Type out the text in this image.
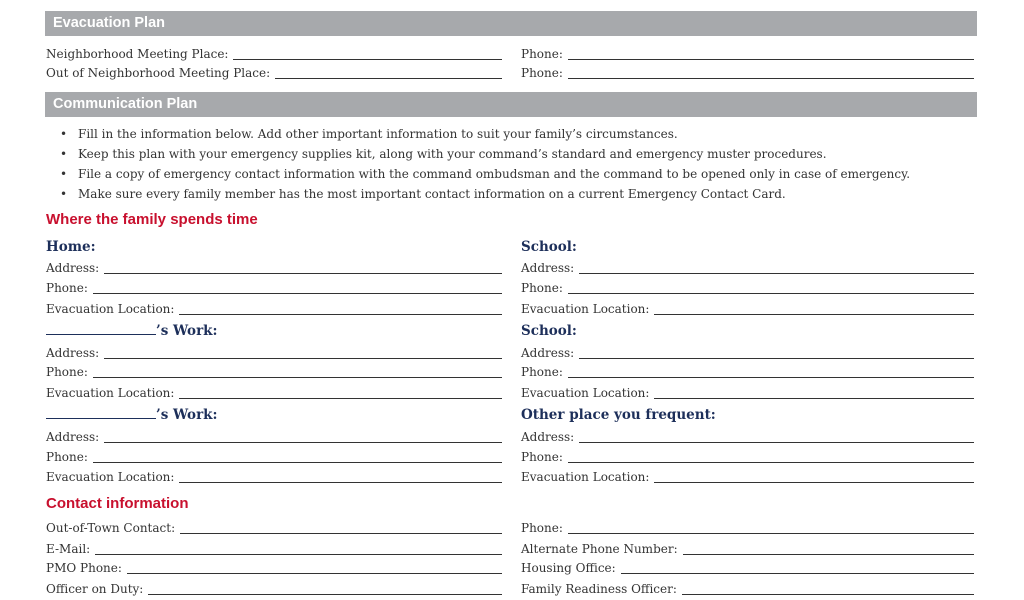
Evacuation Plan
Neighborhood Meeting Place:	Phone:
Out of Neighborhood Meeting Place:	Phone:
Communication Plan
• Fill in the information below. Add other important information to suit your family’s circumstances.
• Keep this plan with your emergency supplies kit, along with your command’s standard and emergency muster procedures.
• File a copy of emergency contact information with the command ombudsman and the command to be opened only in case of emergency.
• Make sure every family member has the most important contact information on a current Emergency Contact Card.
Where the family spends time
Home:	School:
Address:	Address:
Phone:	Phone:
Evacuation Location:	Evacuation Location:
’s Work:	School:
Address:	Address:
Phone:	Phone:
Evacuation Location:	Evacuation Location:
’s Work:	Other place you frequent:
Address:	Address:
Phone:	Phone:
Evacuation Location:	Evacuation Location:
Contact information
Out-of-Town Contact:	Phone:
E-Mail:	Alternate Phone Number:
PMO Phone:	Housing Office:
Officer on Duty:	Family Readiness Officer:
